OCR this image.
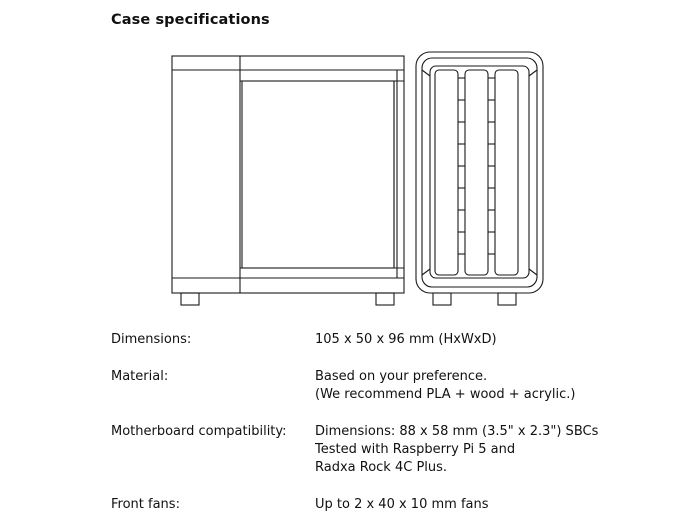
Case specifications
Dimensions:	105 x 50 x 96 mm (HxWxD)
Material:	Based on your preference.
(We recommend PLA + wood + acrylic.)
Motherboard compatibility:	Dimensions: 88 x 58 mm (3.5" x 2.3") SBCs
Tested with Raspberry Pi 5 and
Radxa Rock 4C Plus.
Front fans:	Up to 2 x 40 x 10 mm fans
